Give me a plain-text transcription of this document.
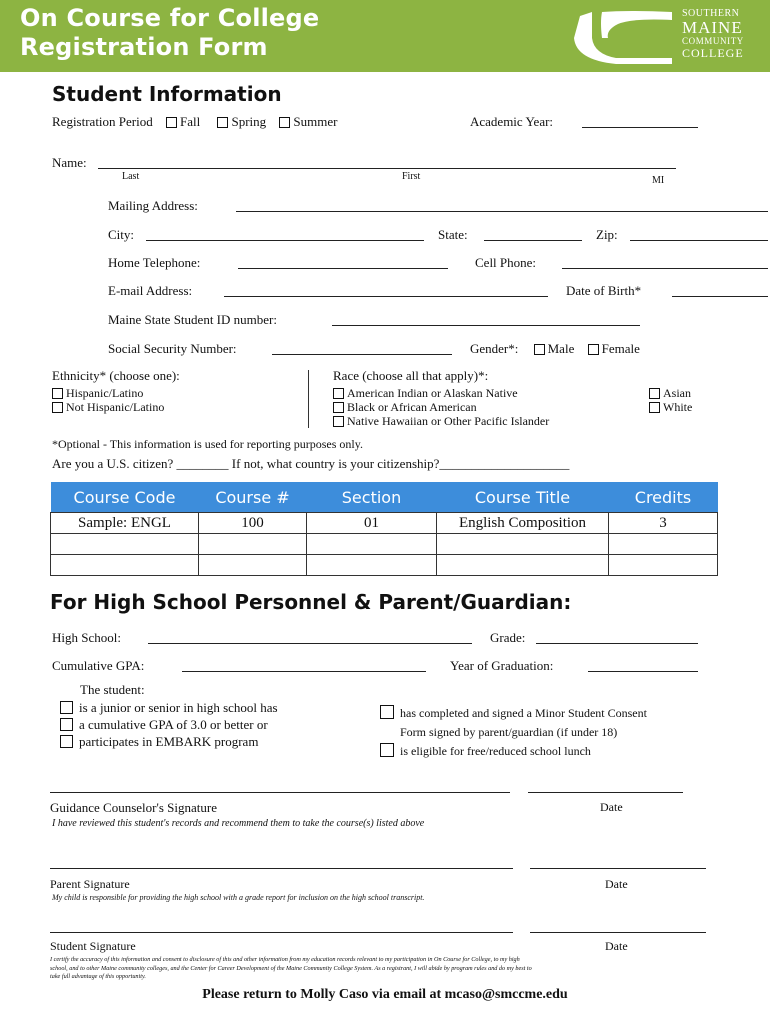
On Course for College
Registration Form
SOUTHERN
MAINE
COMMUNITY
COLLEGE
Student Information
Registration Period Fall Spring Summer	Academic Year:
Name:
Last	First	MI
Mailing Address:
City:	State:	Zip:
Home Telephone:	Cell Phone:
E-mail Address:	Date of Birth*
Maine State Student ID number:
Social Security Number:	Gender*: Male Female
Ethnicity* (choose one):
Hispanic/Latino
Not Hispanic/Latino
Race (choose all that apply)*:
American Indian or Alaskan Native
Black or African American
Native Hawaiian or Other Pacific Islander
Asian
White
*Optional - This information is used for reporting purposes only.
Are you a U.S. citizen? ________ If not, what country is your citizenship?____________________
Course Code	Course #	Section	Course Title	Credits
Sample: ENGL	100	01	English Composition	3

For High School Personnel & Parent/Guardian:
High School:	Grade:
Cumulative GPA:	Year of Graduation:
The student:
is a junior or senior in high school has
a cumulative GPA of 3.0 or better or
participates in EMBARK program
has completed and signed a Minor Student Consent
Form signed by parent/guardian (if under 18)
is eligible for free/reduced school lunch
Guidance Counselor's Signature	Date
I have reviewed this student's records and recommend them to take the course(s) listed above
Parent Signature	Date
My child is responsible for providing the high school with a grade report for inclusion on the high school transcript.
Student Signature	Date
I certify the accuracy of this information and consent to disclosure of this and other information from my education records relevant to my participation in On Course for College, to my high
school, and to other Maine community colleges, and the Center for Career Development of the Maine Community College System. As a registrant, I will abide by program rules and do my best to
take full advantage of this opportunity.
Please return to Molly Caso via email at mcaso@smccme.edu
